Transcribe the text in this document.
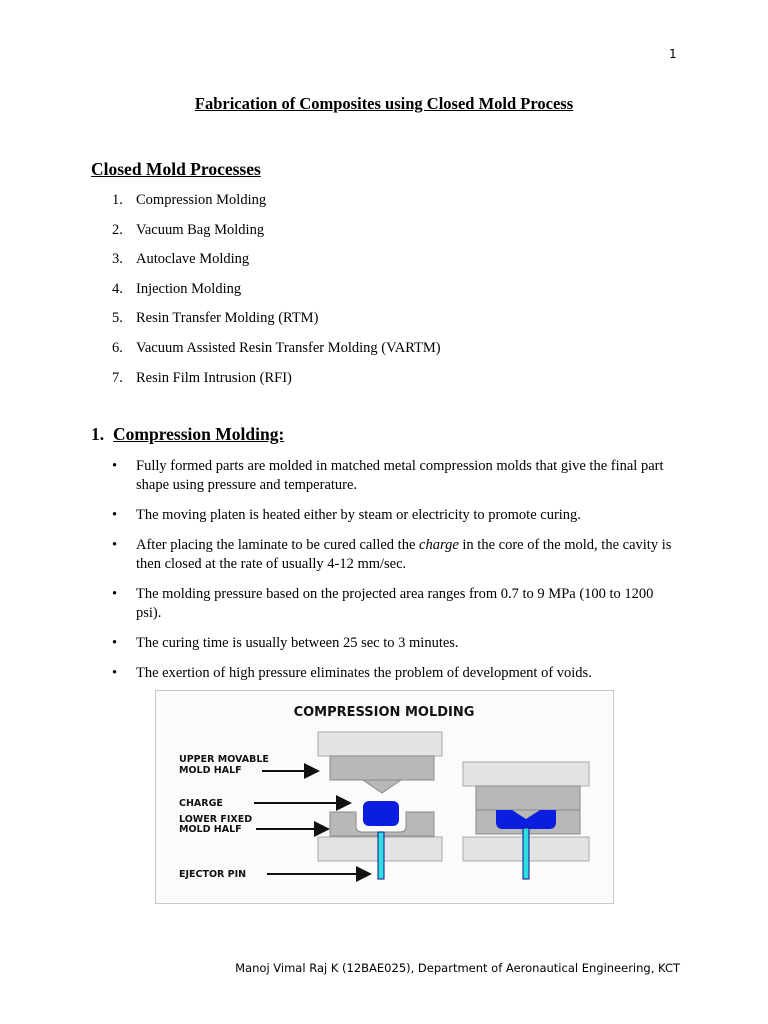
1
Fabrication of Composites using Closed Mold Process
Closed Mold Processes
1. Compression Molding
2. Vacuum Bag Molding
3. Autoclave Molding
4. Injection Molding
5. Resin Transfer Molding (RTM)
6. Vacuum Assisted Resin Transfer Molding (VARTM)
7. Resin Film Intrusion (RFI)
1. Compression Molding:
•	Fully formed parts are molded in matched metal compression molds that give the final part shape using pressure and temperature.
•	The moving platen is heated either by steam or electricity to promote curing.
•	After placing the laminate to be cured called the charge in the core of the mold, the cavity is then closed at the rate of usually 4-12 mm/sec.
•	The molding pressure based on the projected area ranges from 0.7 to 9 MPa (100 to 1200 psi).
•	The curing time is usually between 25 sec to 3 minutes.
•	The exertion of high pressure eliminates the problem of development of voids.
COMPRESSION MOLDING
UPPER MOVABLE
MOLD HALF
CHARGE
LOWER FIXED
MOLD HALF
EJECTOR PIN
Manoj Vimal Raj K (12BAE025), Department of Aeronautical Engineering, KCT
